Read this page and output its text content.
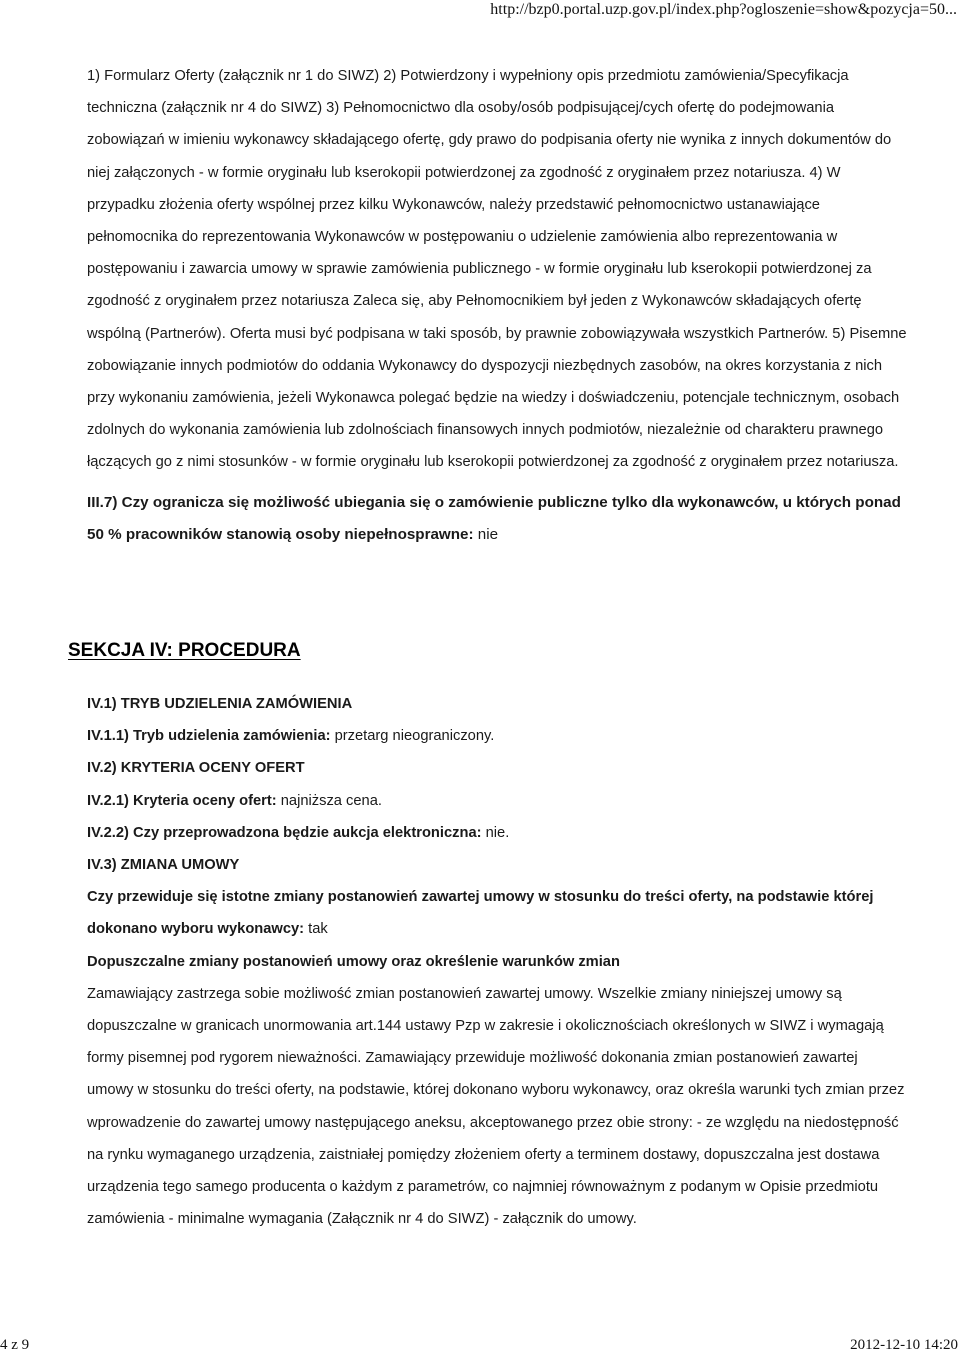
http://bzp0.portal.uzp.gov.pl/index.php?ogloszenie=show&pozycja=50...

1) Formularz Oferty (załącznik nr 1 do SIWZ) 2) Potwierdzony i wypełniony opis przedmiotu zamówienia/Specyfikacja techniczna (załącznik nr 4 do SIWZ) 3) Pełnomocnictwo dla osoby/osób podpisującej/cych ofertę do podejmowania zobowiązań w imieniu wykonawcy składającego ofertę, gdy prawo do podpisania oferty nie wynika z innych dokumentów do niej załączonych - w formie oryginału lub kserokopii potwierdzonej za zgodność z oryginałem przez notariusza. 4) W przypadku złożenia oferty wspólnej przez kilku Wykonawców, należy przedstawić pełnomocnictwo ustanawiające pełnomocnika do reprezentowania Wykonawców w postępowaniu o udzielenie zamówienia albo reprezentowania w postępowaniu i zawarcia umowy w sprawie zamówienia publicznego - w formie oryginału lub kserokopii potwierdzonej za zgodność z oryginałem przez notariusza Zaleca się, aby Pełnomocnikiem był jeden z Wykonawców składających ofertę wspólną (Partnerów). Oferta musi być podpisana w taki sposób, by prawnie zobowiązywała wszystkich Partnerów. 5) Pisemne zobowiązanie innych podmiotów do oddania Wykonawcy do dyspozycji niezbędnych zasobów, na okres korzystania z nich przy wykonaniu zamówienia, jeżeli Wykonawca polegać będzie na wiedzy i doświadczeniu, potencjale technicznym, osobach zdolnych do wykonania zamówienia lub zdolnościach finansowych innych podmiotów, niezależnie od charakteru prawnego łączących go z nimi stosunków - w formie oryginału lub kserokopii potwierdzonej za zgodność z oryginałem przez notariusza.

III.7) Czy ogranicza się możliwość ubiegania się o zamówienie publiczne tylko dla wykonawców, u których ponad 50 % pracowników stanowią osoby niepełnosprawne: nie

SEKCJA IV: PROCEDURA

IV.1) TRYB UDZIELENIA ZAMÓWIENIA

IV.1.1) Tryb udzielenia zamówienia: przetarg nieograniczony.

IV.2) KRYTERIA OCENY OFERT

IV.2.1) Kryteria oceny ofert: najniższa cena.

IV.2.2) Czy przeprowadzona będzie aukcja elektroniczna: nie.

IV.3) ZMIANA UMOWY

Czy przewiduje się istotne zmiany postanowień zawartej umowy w stosunku do treści oferty, na podstawie której dokonano wyboru wykonawcy: tak

Dopuszczalne zmiany postanowień umowy oraz określenie warunków zmian

Zamawiający zastrzega sobie możliwość zmian postanowień zawartej umowy. Wszelkie zmiany niniejszej umowy są dopuszczalne w granicach unormowania art.144 ustawy Pzp w zakresie i okolicznościach określonych w SIWZ i wymagają formy pisemnej pod rygorem nieważności. Zamawiający przewiduje możliwość dokonania zmian postanowień zawartej umowy w stosunku do treści oferty, na podstawie, której dokonano wyboru wykonawcy, oraz określa warunki tych zmian przez wprowadzenie do zawartej umowy następującego aneksu, akceptowanego przez obie strony: - ze względu na niedostępność na rynku wymaganego urządzenia, zaistniałej pomiędzy złożeniem oferty a terminem dostawy, dopuszczalna jest dostawa urządzenia tego samego producenta o każdym z parametrów, co najmniej równoważnym z podanym w Opisie przedmiotu zamówienia - minimalne wymagania (Załącznik nr 4 do SIWZ) - załącznik do umowy.

4 z 9	2012-12-10 14:20
